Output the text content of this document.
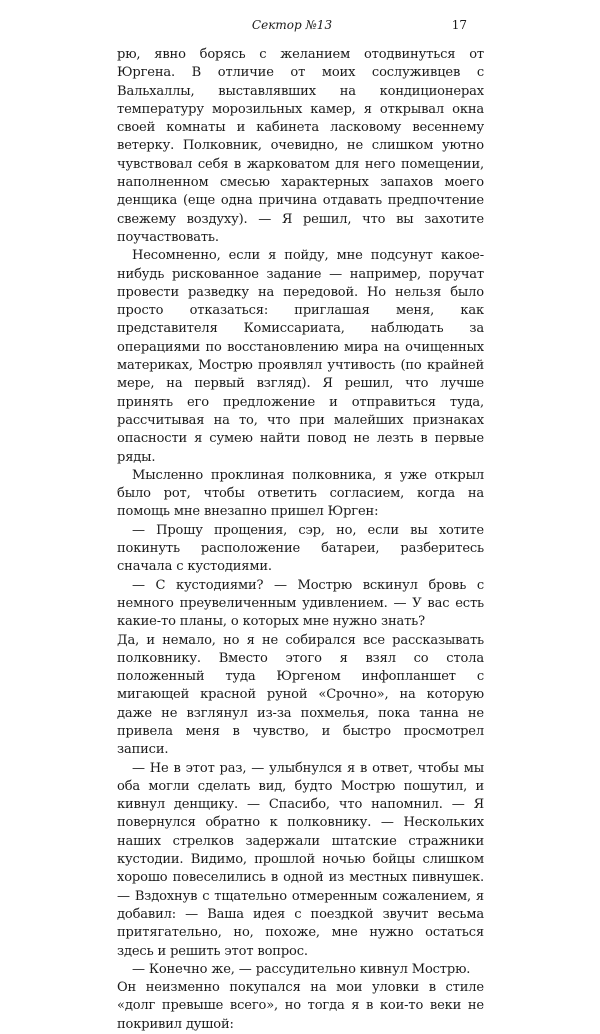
Сектор №13	17

рю, явно борясь с желанием отодвинуться от Юргена. В отличие от моих сослуживцев с Вальхаллы, выставлявших на кондиционерах температуру морозильных камер, я открывал окна своей комнаты и кабинета ласковому весеннему ветерку. Полковник, очевидно, не слишком уютно чувствовал себя в жарковатом для него помещении, наполненном смесью характерных запахов моего денщика (еще одна причина отдавать предпочтение свежему воздуху). — Я решил, что вы захотите поучаствовать.

Несомненно, если я пойду, мне подсунут какое-нибудь рискованное задание — например, поручат провести разведку на передовой. Но нельзя было просто отказаться: приглашая меня, как представителя Комиссариата, наблюдать за операциями по восстановлению мира на очищенных материках, Мострю проявлял учтивость (по крайней мере, на первый взгляд). Я решил, что лучше принять его предложение и отправиться туда, рассчитывая на то, что при малейших признаках опасности я сумею найти повод не лезть в первые ряды.

Мысленно проклиная полковника, я уже открыл было рот, чтобы ответить согласием, когда на помощь мне внезапно пришел Юрген:

— Прошу прощения, сэр, но, если вы хотите покинуть расположение батареи, разберитесь сначала с кустодиями.

— С кустодиями? — Мострю вскинул бровь с немного преувеличенным удивлением. — У вас есть какие-то планы, о которых мне нужно знать?

Да, и немало, но я не собирался все рассказывать полковнику. Вместо этого я взял со стола положенный туда Юргеном инфопланшет с мигающей красной руной «Срочно», на которую даже не взглянул из-за похмелья, пока танна не привела меня в чувство, и быстро просмотрел записи.

— Не в этот раз, — улыбнулся я в ответ, чтобы мы оба могли сделать вид, будто Мострю пошутил, и кивнул денщику. — Спасибо, что напомнил. — Я повернулся обратно к полковнику. — Нескольких наших стрелков задержали штатские стражники кустодии. Видимо, прошлой ночью бойцы слишком хорошо повеселились в одной из местных пивнушек. — Вздохнув с тщательно отмеренным сожалением, я добавил: — Ваша идея с поездкой звучит весьма притягательно, но, похоже, мне нужно остаться здесь и решить этот вопрос.

— Конечно же, — рассудительно кивнул Мострю.

Он неизменно покупался на мои уловки в стиле «долг превыше всего», но тогда я в кои-то веки не покривил душой:
